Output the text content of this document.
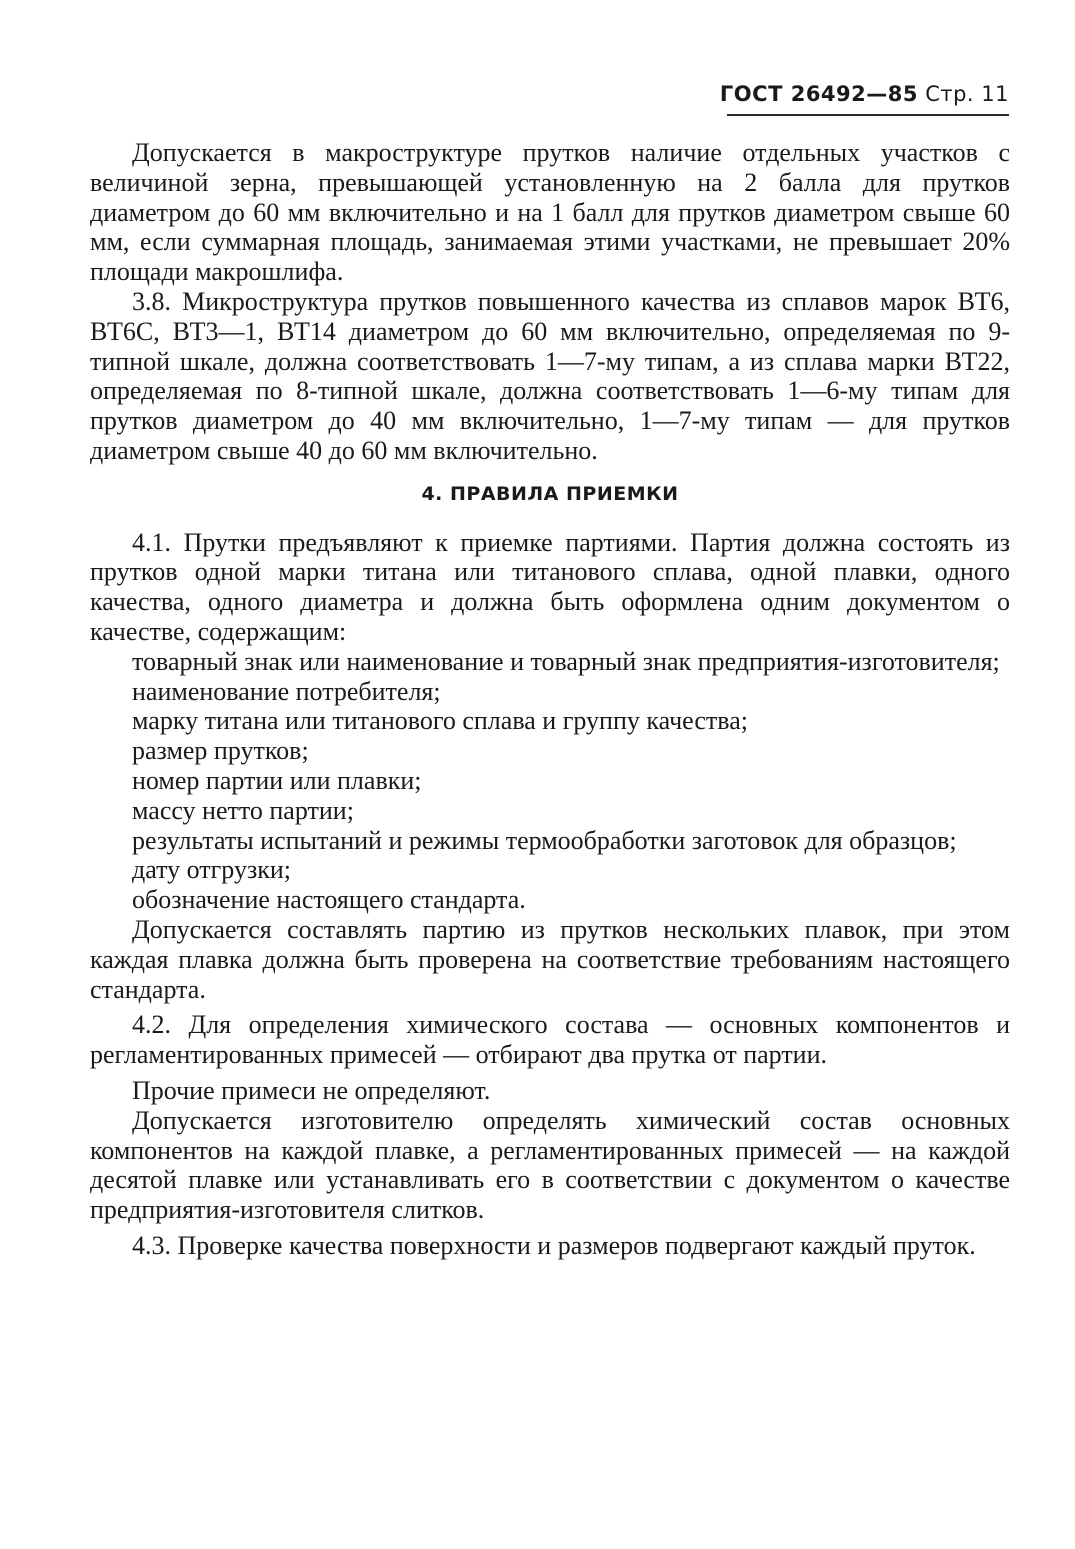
ГОСТ 26492—85 Стр. 11

Допускается в макроструктуре прутков наличие отдельных участков с величиной зерна, превышающей установленную на 2 балла для прутков диаметром до 60 мм включительно и на 1 балл для прутков диаметром свыше 60 мм, если суммарная площадь, занимаемая этими участками, не превышает 20% площади макрошлифа.

3.8. Микроструктура прутков повышенного качества из сплавов марок ВТ6, ВТ6С, ВТ3—1, ВТ14 диаметром до 60 мм включительно, определяемая по 9-типной шкале, должна соответствовать 1—7-му типам, а из сплава марки ВТ22, определяемая по 8-типной шкале, должна соответствовать 1—6-му типам для прутков диаметром до 40 мм включительно, 1—7-му типам — для прутков диаметром свыше 40 до 60 мм включительно.

4. ПРАВИЛА ПРИЕМКИ

4.1. Прутки предъявляют к приемке партиями. Партия должна состоять из прутков одной марки титана или титанового сплава, одной плавки, одного качества, одного диаметра и должна быть оформлена одним документом о качестве, содержащим:

товарный знак или наименование и товарный знак предприятия-изготовителя;

наименование потребителя;

марку титана или титанового сплава и группу качества;

размер прутков;

номер партии или плавки;

массу нетто партии;

результаты испытаний и режимы термообработки заготовок для образцов;

дату отгрузки;

обозначение настоящего стандарта.

Допускается составлять партию из прутков нескольких плавок, при этом каждая плавка должна быть проверена на соответствие требованиям настоящего стандарта.

4.2. Для определения химического состава — основных компонентов и регламентированных примесей — отбирают два прутка от партии.

Прочие примеси не определяют.

Допускается изготовителю определять химический состав основных компонентов на каждой плавке, а регламентированных примесей — на каждой десятой плавке или устанавливать его в соответствии с документом о качестве предприятия-изготовителя слитков.

4.3. Проверке качества поверхности и размеров подвергают каждый пруток.
